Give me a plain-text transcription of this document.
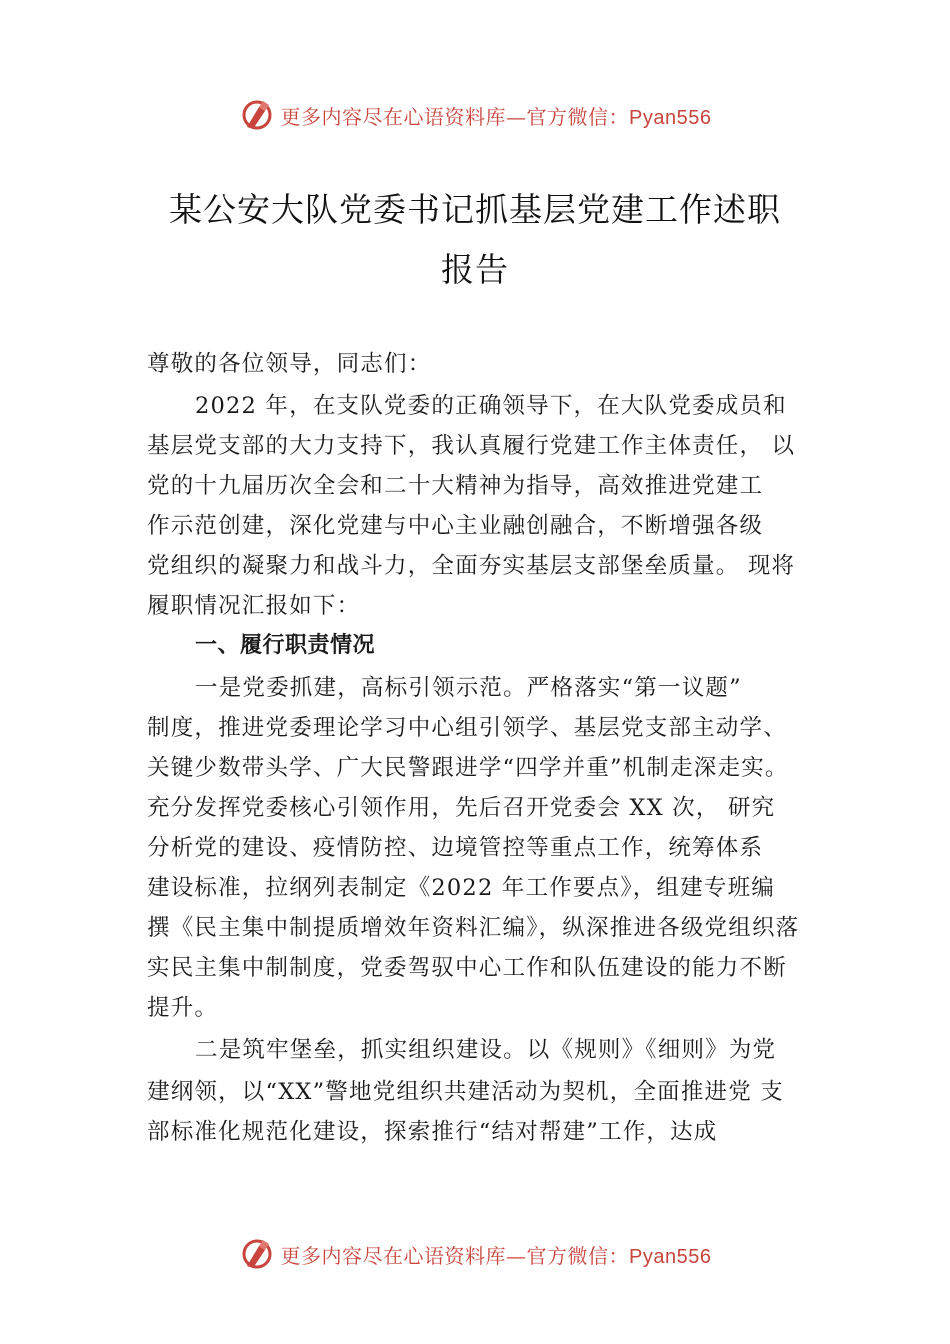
更多内容尽在心语资料库—官方微信：Pyan556
某公安大队党委书记抓基层党建工作述职
报告
尊敬的各位领导，同志们：
2022 年，在支队党委的正确领导下，在大队党委成员和
基层党支部的大力支持下，我认真履行党建工作主体责任， 以
党的十九届历次全会和二十大精神为指导，高效推进党建工
作示范创建，深化党建与中心主业融创融合，不断增强各级
党组织的凝聚力和战斗力，全面夯实基层支部堡垒质量。 现将
履职情况汇报如下：
一、履行职责情况
一是党委抓建，高标引领示范。严格落实“第一议题”
制度，推进党委理论学习中心组引领学、基层党支部主动学、
关键少数带头学、广大民警跟进学“四学并重”机制走深走实。
充分发挥党委核心引领作用，先后召开党委会 XX 次， 研究
分析党的建设、疫情防控、边境管控等重点工作，统筹体系
建设标准，拉纲列表制定《2022 年工作要点》，组建专班编
撰《民主集中制提质增效年资料汇编》，纵深推进各级党组织落
实民主集中制制度，党委驾驭中心工作和队伍建设的能力不断
提升。
二是筑牢堡垒，抓实组织建设。以《规则》《细则》为党
建纲领，以“XX”警地党组织共建活动为契机，全面推进党 支
部标准化规范化建设，探索推行“结对帮建”工作，达成
更多内容尽在心语资料库—官方微信：Pyan556
